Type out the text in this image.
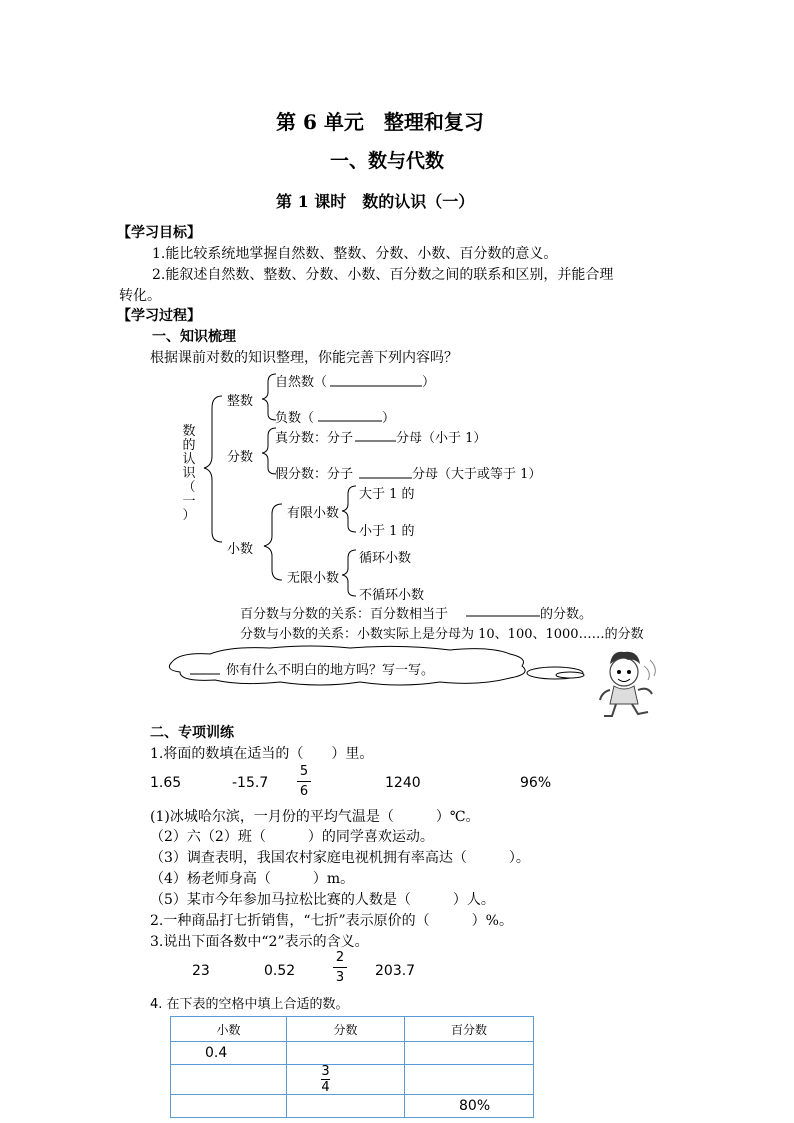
第 6 单元　整理和复习
一、数与代数
第 1 课时　数的认识（一）
【学习目标】
1.能比较系统地掌握自然数、整数、分数、小数、百分数的意义。
2.能叙述自然数、整数、分数、小数、百分数之间的联系和区别，并能合理
转化。
【学习过程】
一、知识梳理
根据课前对数的知识整理，你能完善下列内容吗？
数
的
认
识
（
一
）
整数
自然数（	）
负数（	）
分数
真分数：分子	分母（小于 1）
假分数：分子	分母（大于或等于 1）
小数
有限小数
大于 1 的
小于 1 的
无限小数
循环小数
不循环小数
百分数与分数的关系：百分数相当于	的分数。
分数与小数的关系：小数实际上是分母为 10、100、1000……的分数
你有什么不明白的地方吗？写一写。
二、专项训练
1.将面的数填在适当的（　　）里。
1.65	-15.7
5
6
1240	96%
(1)冰城哈尔滨，一月份的平均气温是（　　　）℃。
（2）六（2）班（　　　）的同学喜欢运动。
（3）调查表明，我国农村家庭电视机拥有率高达（　　　）。
（4）杨老师身高（　　　）m。
（5）某市今年参加马拉松比赛的人数是（　　　）人。
2.一种商品打七折销售，“七折”表示原价的（　　　）%。
3.说出下面各数中“2”表示的含义。
23	0.52
2
3 203.7
4. 在下表的空格中填上合适的数。
小数	分数	百分数
0.4		

	$\frac{3}{4}$

		80%
